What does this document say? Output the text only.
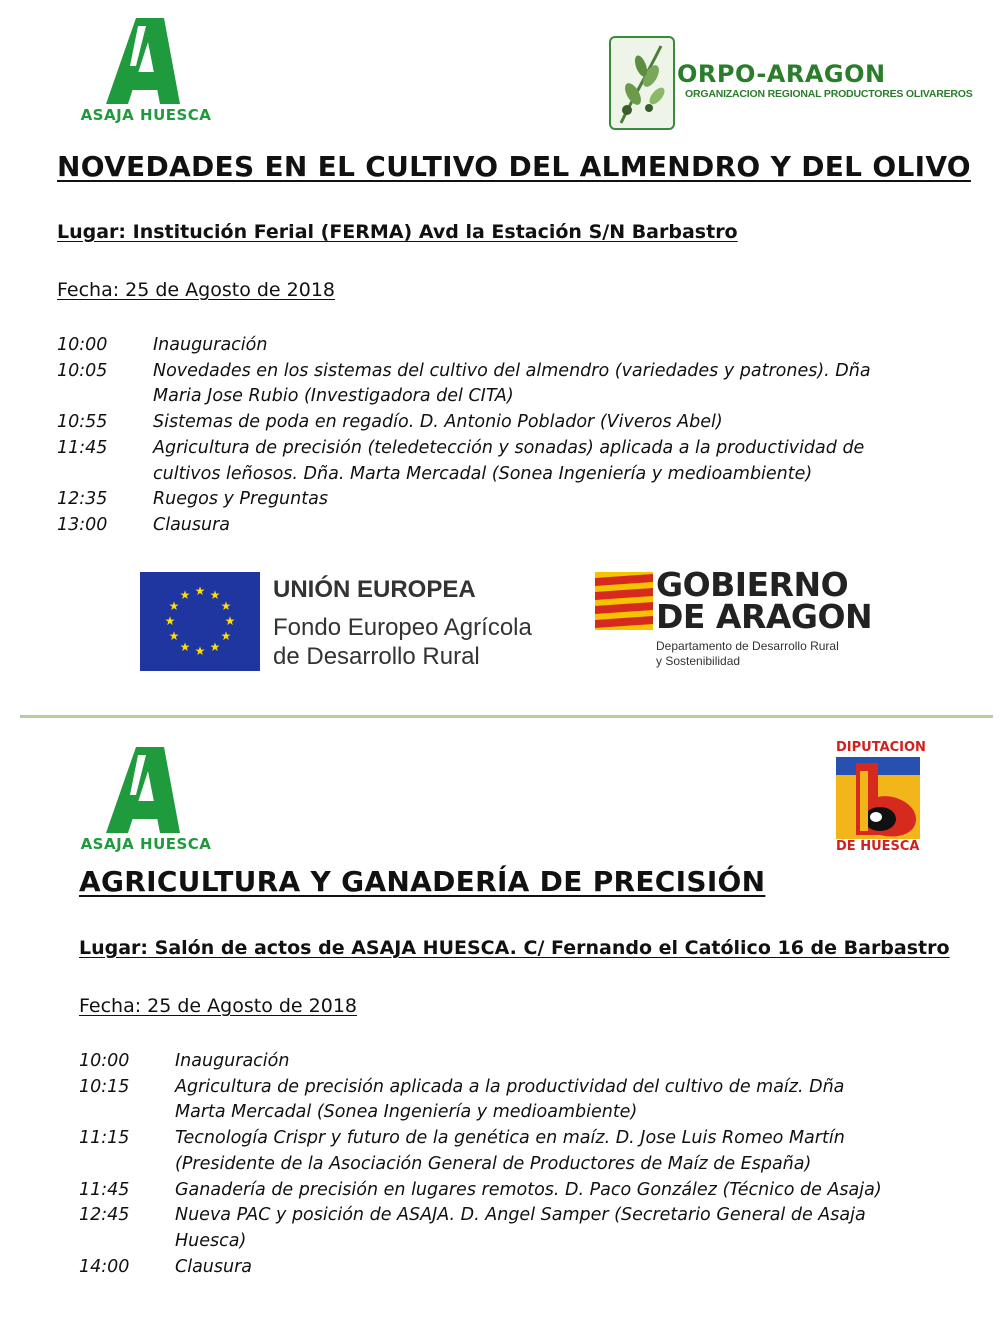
ASAJA HUESCA
ORPO-ARAGON
ORGANIZACION REGIONAL PRODUCTORES OLIVAREROS
NOVEDADES EN EL CULTIVO DEL ALMENDRO Y DEL OLIVO
Lugar: Institución Ferial (FERMA) Avd la Estación S/N Barbastro
Fecha: 25 de Agosto de 2018
10:00	Inauguración
10:05	Novedades en los sistemas del cultivo del almendro (variedades y patrones). Dña Maria Jose Rubio (Investigadora del CITA)
10:55	Sistemas de poda en regadío. D. Antonio Poblador (Viveros Abel)
11:45	Agricultura de precisión (teledetección y sonadas) aplicada a la productividad de cultivos leñosos. Dña. Marta Mercadal (Sonea Ingeniería y medioambiente)
12:35	Ruegos y Preguntas
13:00	Clausura
★ ★
★
★
★
★
★
★
★
★
★
★	UNIÓN EUROPEA
Fondo Europeo Agrícola
de Desarrollo Rural
GOBIERNO
DE ARAGON
Departamento de Desarrollo Rural
y Sostenibilidad
ASAJA HUESCA
DIPUTACION
DE HUESCA
AGRICULTURA Y GANADERÍA DE PRECISIÓN
Lugar: Salón de actos de ASAJA HUESCA. C/ Fernando el Católico 16 de Barbastro
Fecha: 25 de Agosto de 2018
10:00	Inauguración
10:15	Agricultura de precisión aplicada a la productividad del cultivo de maíz. Dña Marta Mercadal (Sonea Ingeniería y medioambiente)
11:15	Tecnología Crispr y futuro de la genética en maíz. D. Jose Luis Romeo Martín (Presidente de la Asociación General de Productores de Maíz de España)
11:45	Ganadería de precisión en lugares remotos. D. Paco González (Técnico de Asaja)
12:45	Nueva PAC y posición de ASAJA. D. Angel Samper (Secretario General de Asaja Huesca)
14:00	Clausura
